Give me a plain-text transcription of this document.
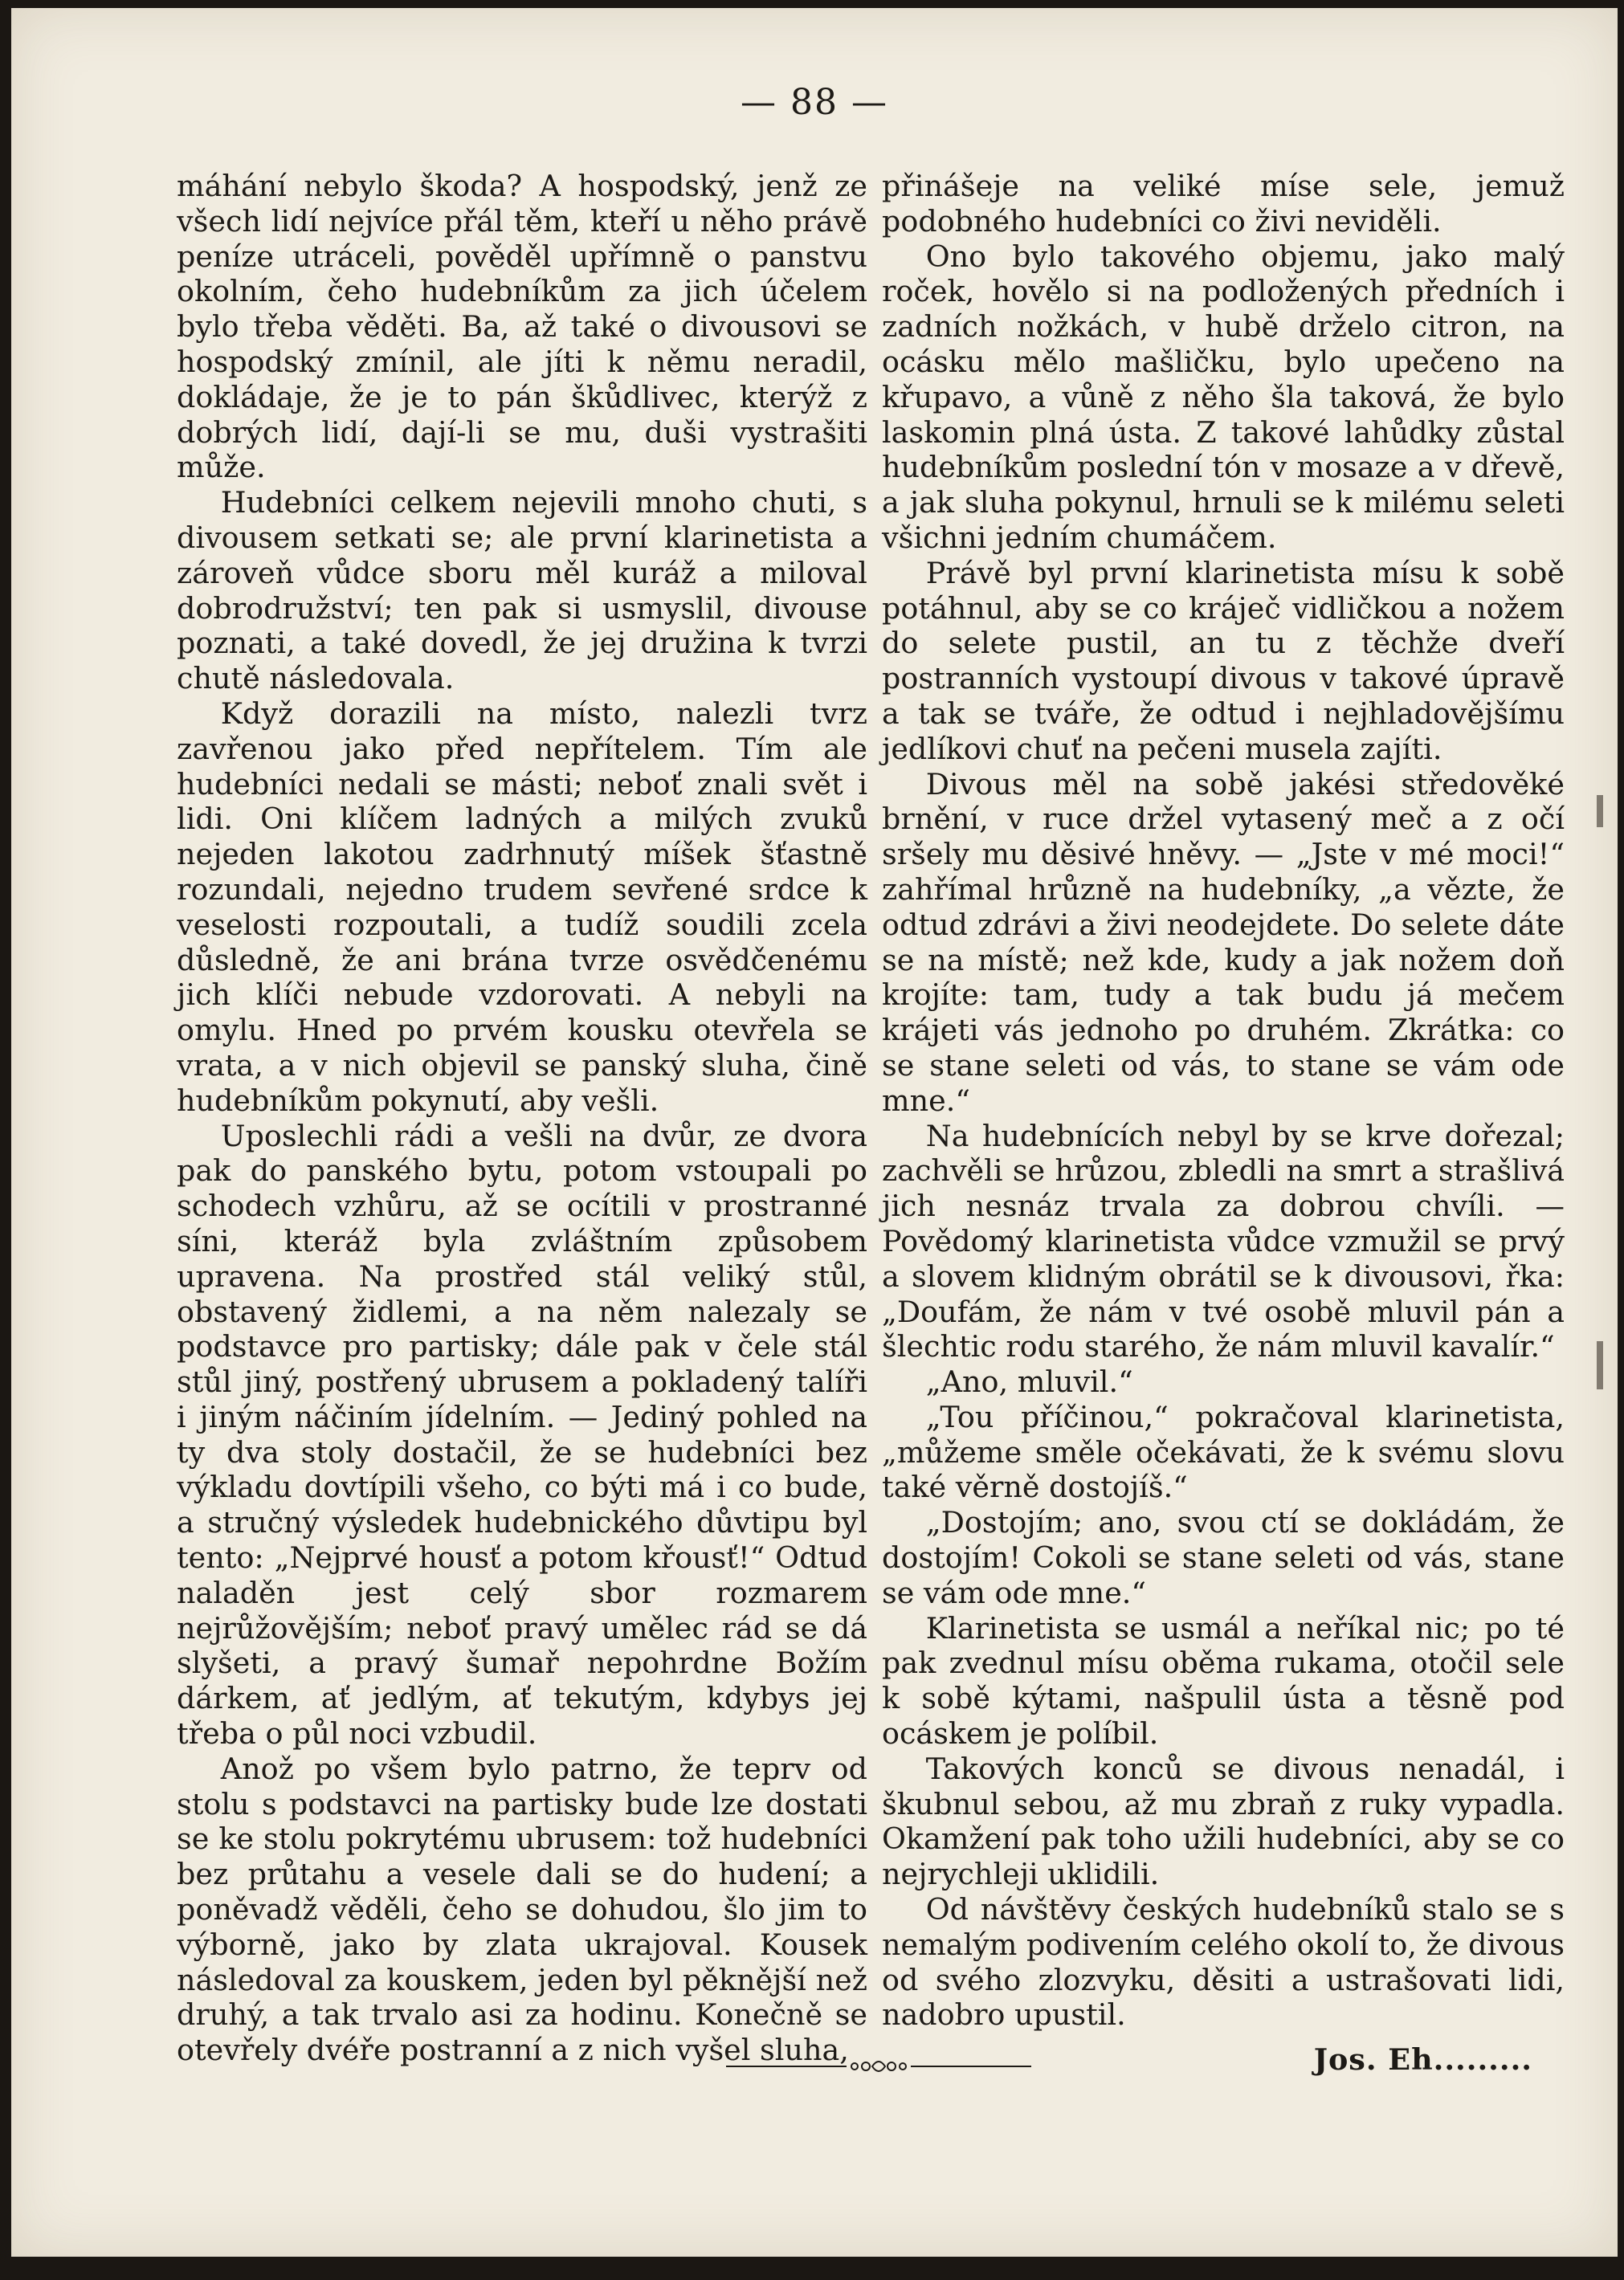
— 88 —

máhání nebylo škoda? A hospodský, jenž ze všech lidí nejvíce přál těm, kteří u něho právě peníze utráceli, pověděl upřímně o panstvu okolním, čeho hudebníkům za jich účelem bylo třeba věděti. Ba, až také o divousovi se hospodský zmínil, ale jíti k němu neradil, dokládaje, že je to pán škůdlivec, kterýž z dobrých lidí, dají-li se mu, duši vystrašiti může.

Hudebníci celkem nejevili mnoho chuti, s divousem setkati se; ale první klarinetista a zároveň vůdce sboru měl kuráž a miloval dobrodružství; ten pak si usmyslil, divouse poznati, a také dovedl, že jej družina k tvrzi chutě následovala.

Když dorazili na místo, nalezli tvrz zavřenou jako před nepřítelem. Tím ale hudebníci nedali se másti; neboť znali svět i lidi. Oni klíčem ladných a milých zvuků nejeden lakotou zadrhnutý míšek šťastně rozundali, nejedno trudem sevřené srdce k veselosti rozpoutali, a tudíž soudili zcela důsledně, že ani brána tvrze osvědčenému jich klíči nebude vzdorovati. A nebyli na omylu. Hned po prvém kousku otevřela se vrata, a v nich objevil se panský sluha, čině hudebníkům pokynutí, aby vešli.

Uposlechli rádi a vešli na dvůr, ze dvora pak do panského bytu, potom vstoupali po schodech vzhůru, až se ocítili v prostranné síni, kteráž byla zvláštním způsobem upravena. Na prostřed stál veliký stůl, obstavený židlemi, a na něm nalezaly se podstavce pro partisky; dále pak v čele stál stůl jiný, postřený ubrusem a pokladený talíři i jiným náčiním jídelním. — Jediný pohled na ty dva stoly dostačil, že se hudebníci bez výkladu dovtípili všeho, co býti má i co bude, a stručný výsledek hudebnického důvtipu byl tento: „Nejprvé housť a potom křousť!“ Odtud naladěn jest celý sbor rozmarem nejrůžovějším; neboť pravý umělec rád se dá slyšeti, a pravý šumař nepohrdne Božím dárkem, ať jedlým, ať tekutým, kdybys jej třeba o půl noci vzbudil.

Anož po všem bylo patrno, že teprv od stolu s podstavci na partisky bude lze dostati se ke stolu pokrytému ubrusem: tož hudebníci bez průtahu a vesele dali se do hudení; a poněvadž věděli, čeho se dohudou, šlo jim to výborně, jako by zlata ukrajoval. Kousek následoval za kouskem, jeden byl pěknější než druhý, a tak trvalo asi za hodinu. Konečně se otevřely dvéře postranní a z nich vyšel sluha,

přinášeje na veliké míse sele, jemuž podobného hudebníci co živi neviděli.

Ono bylo takového objemu, jako malý roček, hovělo si na podložených předních i zadních nožkách, v hubě drželo citron, na ocásku mělo mašličku, bylo upečeno na křupavo, a vůně z něho šla taková, že bylo laskomin plná ústa. Z takové lahůdky zůstal hudebníkům poslední tón v mosaze a v dřevě, a jak sluha pokynul, hrnuli se k milému seleti všichni jedním chumáčem.

Právě byl první klarinetista mísu k sobě potáhnul, aby se co kráječ vidličkou a nožem do selete pustil, an tu z těchže dveří postranních vystoupí divous v takové úpravě a tak se tváře, že odtud i nejhladovějšímu jedlíkovi chuť na pečeni musela zajíti.

Divous měl na sobě jakési středověké brnění, v ruce držel vytasený meč a z očí sršely mu děsivé hněvy. — „Jste v mé moci!“ zahřímal hrůzně na hudebníky, „a vězte, že odtud zdrávi a živi neodejdete. Do selete dáte se na místě; než kde, kudy a jak nožem doň krojíte: tam, tudy a tak budu já mečem krájeti vás jednoho po druhém. Zkrátka: co se stane seleti od vás, to stane se vám ode mne.“

Na hudebnících nebyl by se krve dořezal; zachvěli se hrůzou, zbledli na smrt a strašlivá jich nesnáz trvala za dobrou chvíli. — Povědomý klarinetista vůdce vzmužil se prvý a slovem klidným obrátil se k divousovi, řka: „Doufám, že nám v tvé osobě mluvil pán a šlechtic rodu starého, že nám mluvil kavalír.“

„Ano, mluvil.“

„Tou příčinou,“ pokračoval klarinetista, „můžeme směle očekávati, že k svému slovu také věrně dostojíš.“

„Dostojím; ano, svou ctí se dokládám, že dostojím! Cokoli se stane seleti od vás, stane se vám ode mne.“

Klarinetista se usmál a neříkal nic; po té pak zvednul mísu oběma rukama, otočil sele k sobě kýtami, našpulil ústa a těsně pod ocáskem je políbil.

Takových konců se divous nenadál, i škubnul sebou, až mu zbraň z ruky vypadla. Okamžení pak toho užili hudebníci, aby se co nejrychleji uklidili.

Od návštěvy českých hudebníků stalo se s nemalým podivením celého okolí to, že divous od svého zlozvyku, děsiti a ustrašovati lidi, nadobro upustil.

Jos. Eh.........
